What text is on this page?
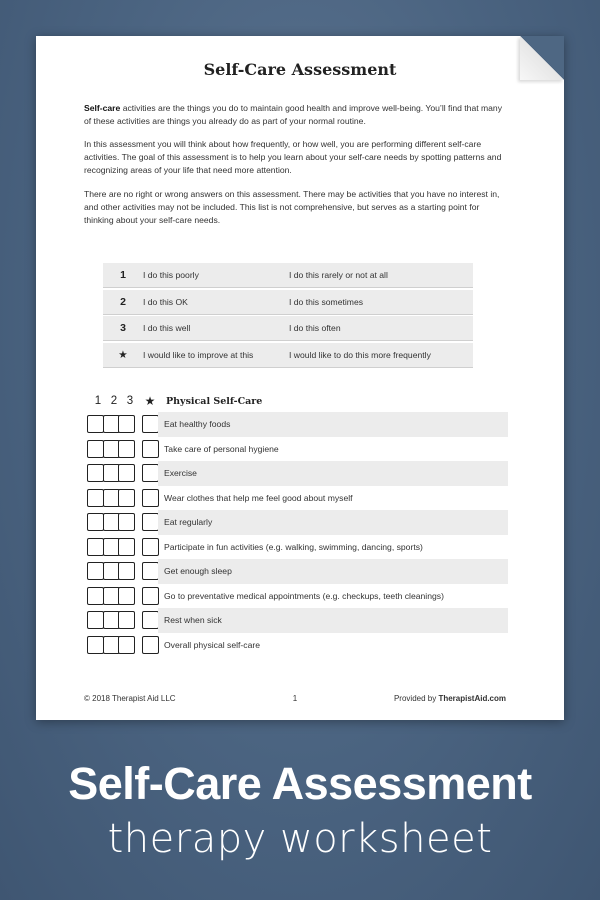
Self-Care Assessment
Self-care activities are the things you do to maintain good health and improve well-being. You’ll find that many of these activities are things you already do as part of your normal routine.
In this assessment you will think about how frequently, or how well, you are performing different self-care activities. The goal of this assessment is to help you learn about your self-care needs by spotting patterns and recognizing areas of your life that need more attention.
There are no right or wrong answers on this assessment. There may be activities that you have no interest in, and other activities may not be included. This list is not comprehensive, but serves as a starting point for thinking about your self-care needs.
1	I do this poorly	I do this rarely or not at all
2	I do this OK	I do this sometimes
3	I do this well	I do this often
★	I would like to improve at this	I would like to do this more frequently
1 2 3 ★	Physical Self-Care
Eat healthy foods
Take care of personal hygiene
Exercise
Wear clothes that help me feel good about myself
Eat regularly
Participate in fun activities (e.g. walking, swimming, dancing, sports)
Get enough sleep
Go to preventative medical appointments (e.g. checkups, teeth cleanings)
Rest when sick
Overall physical self-care
© 2018 Therapist Aid LLC	1	Provided by TherapistAid.com
Self-Care Assessment
therapy worksheet
